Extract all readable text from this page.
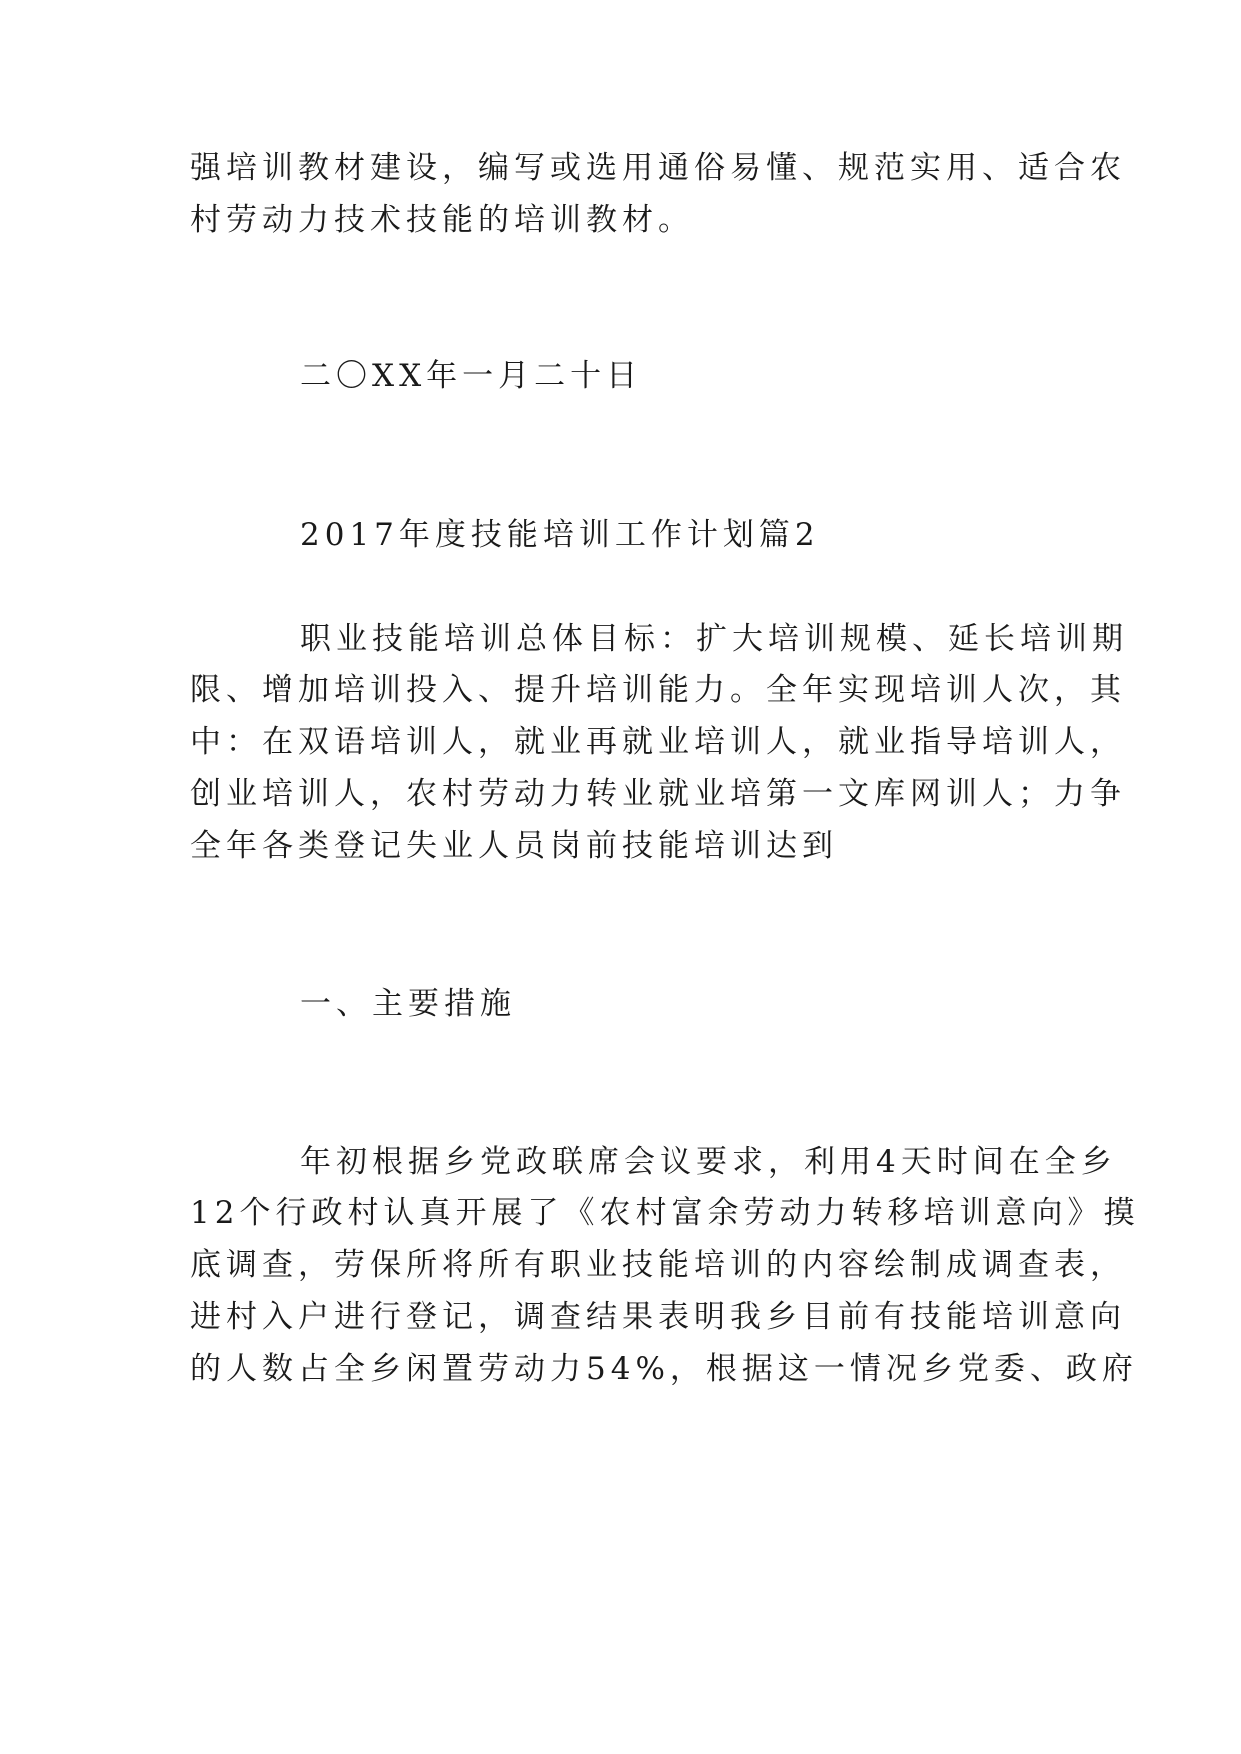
强培训教材建设，编写或选用通俗易懂、规范实用、适合农

村劳动力技术技能的培训教材。

二〇XX年一月二十日

2017年度技能培训工作计划篇2

职业技能培训总体目标：扩大培训规模、延长培训期

限、增加培训投入、提升培训能力。全年实现培训人次，其

中：在双语培训人，就业再就业培训人，就业指导培训人，

创业培训人，农村劳动力转业就业培第一文库网训人；力争

全年各类登记失业人员岗前技能培训达到

一、主要措施

年初根据乡党政联席会议要求，利用4天时间在全乡

12个行政村认真开展了《农村富余劳动力转移培训意向》摸

底调查，劳保所将所有职业技能培训的内容绘制成调查表，

进村入户进行登记，调查结果表明我乡目前有技能培训意向

的人数占全乡闲置劳动力54%，根据这一情况乡党委、政府
